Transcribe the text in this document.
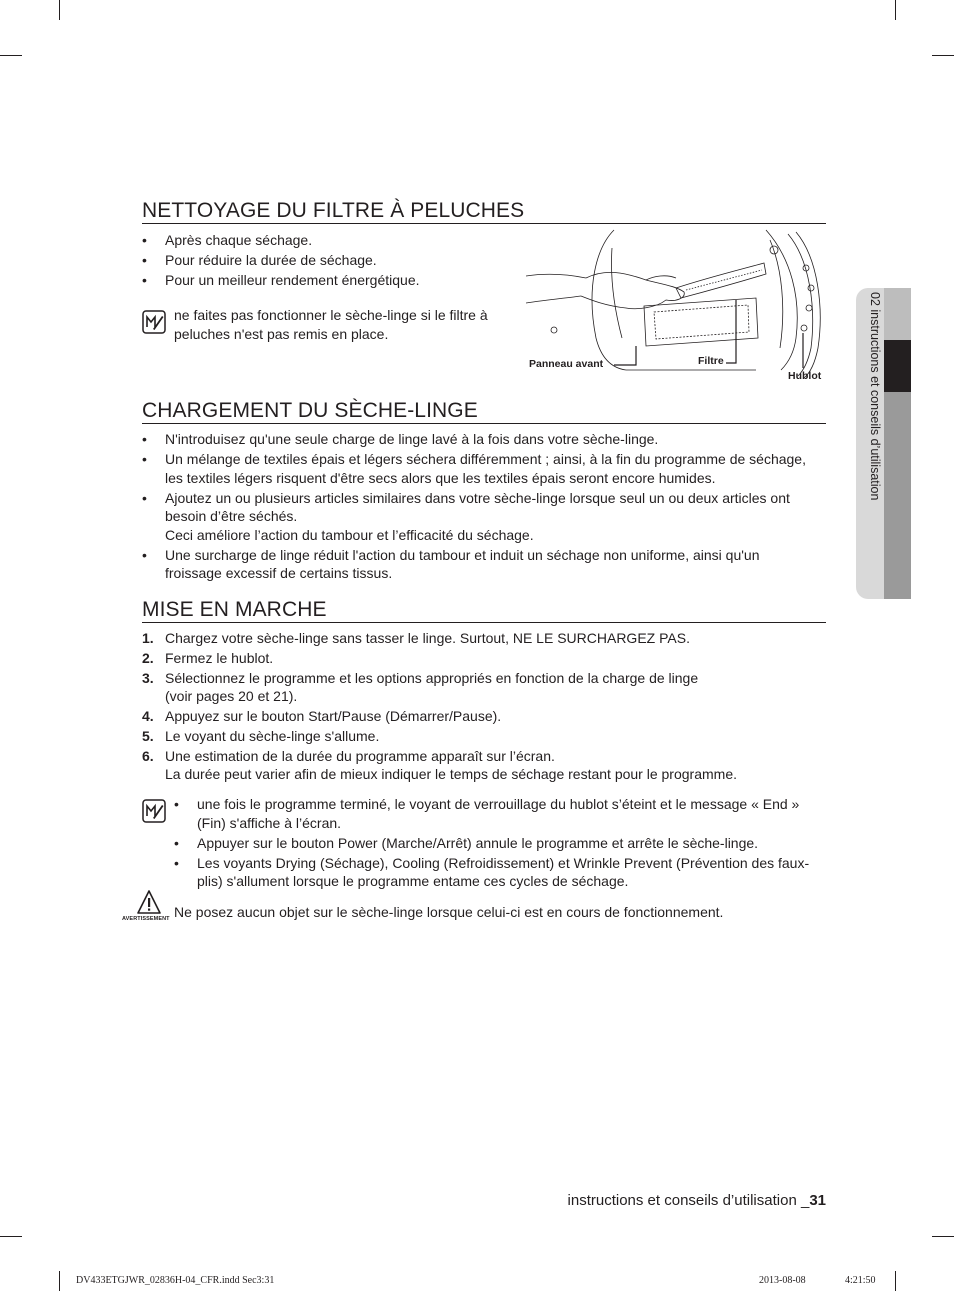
02 instructions et conseils d’utilisation
NETTOYAGE DU FILTRE À PELUCHES
• Après chaque séchage.
• Pour réduire la durée de séchage.
• Pour un meilleur rendement énergétique.
ne faites pas fonctionner le sèche-linge si le filtre à
peluches n'est pas remis en place.
Panneau avant	Filtre
Hublot
CHARGEMENT DU SÈCHE-LINGE
• N'introduisez qu'une seule charge de linge lavé à la fois dans votre sèche-linge.
• Un mélange de textiles épais et légers séchera différemment ; ainsi, à la fin du programme de séchage,
les textiles légers risquent d'être secs alors que les textiles épais seront encore humides.
• Ajoutez un ou plusieurs articles similaires dans votre sèche-linge lorsque seul un ou deux articles ont
besoin d’être séchés.
Ceci améliore l’action du tambour et l’efficacité du séchage.
• Une surcharge de linge réduit l'action du tambour et induit un séchage non uniforme, ainsi qu'un
froissage excessif de certains tissus.
MISE EN MARCHE
1. Chargez votre sèche-linge sans tasser le linge. Surtout, NE LE SURCHARGEZ PAS.
2. Fermez le hublot.
3. Sélectionnez le programme et les options appropriés en fonction de la charge de linge
(voir pages 20 et 21).
4. Appuyez sur le bouton Start/Pause (Démarrer/Pause).
5. Le voyant du sèche-linge s'allume.
6. Une estimation de la durée du programme apparaît sur l’écran.
La durée peut varier afin de mieux indiquer le temps de séchage restant pour le programme.
• une fois le programme terminé, le voyant de verrouillage du hublot s’éteint et le message « End »
(Fin) s'affiche à l’écran.
• Appuyer sur le bouton Power (Marche/Arrêt) annule le programme et arrête le sèche-linge.
• Les voyants Drying (Séchage), Cooling (Refroidissement) et Wrinkle Prevent (Prévention des faux-
plis) s'allument lorsque le programme entame ces cycles de séchage.
AVERTISSEMENT Ne posez aucun objet sur le sèche-linge lorsque celui-ci est en cours de fonctionnement.
instructions et conseils d’utilisation _31
DV433ETGJWR_02836H-04_CFR.indd Sec3:31	2013-08-08	4:21:50
